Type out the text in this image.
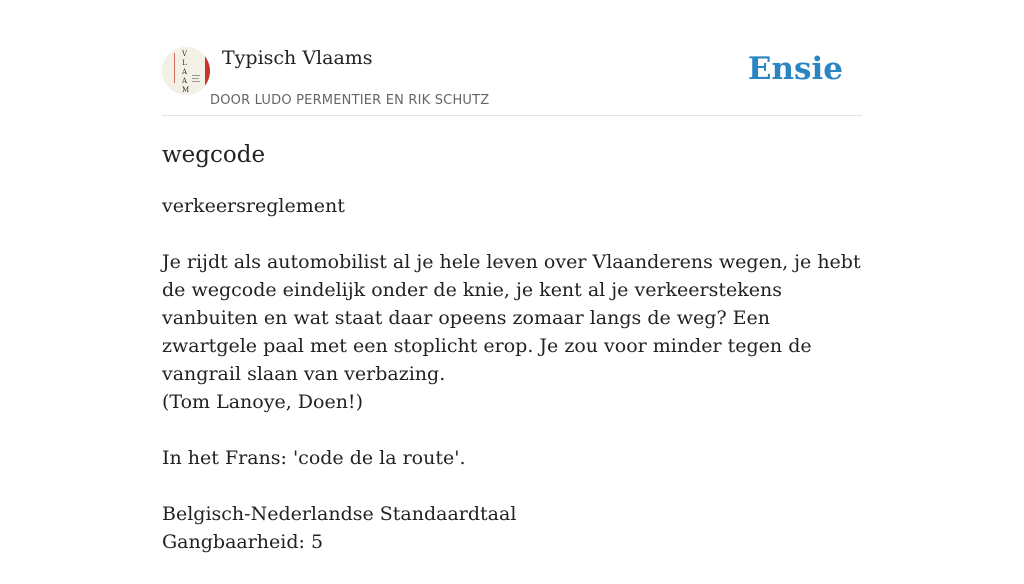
V
L
A
A
M
Typisch Vlaams
DOOR LUDO PERMENTIER EN RIK SCHUTZ
Ensie
wegcode

verkeersreglement

Je rijdt als automobilist al je hele leven over Vlaanderens wegen, je hebt de wegcode eindelijk onder de knie, je kent al je verkeerstekens vanbuiten en wat staat daar opeens zomaar langs de weg? Een zwartgele paal met een stoplicht erop. Je zou voor minder tegen de vangrail slaan van verbazing.
(Tom Lanoye, Doen!)

In het Frans: 'code de la route'.

Belgisch-Nederlandse Standaardtaal
Gangbaarheid: 5
